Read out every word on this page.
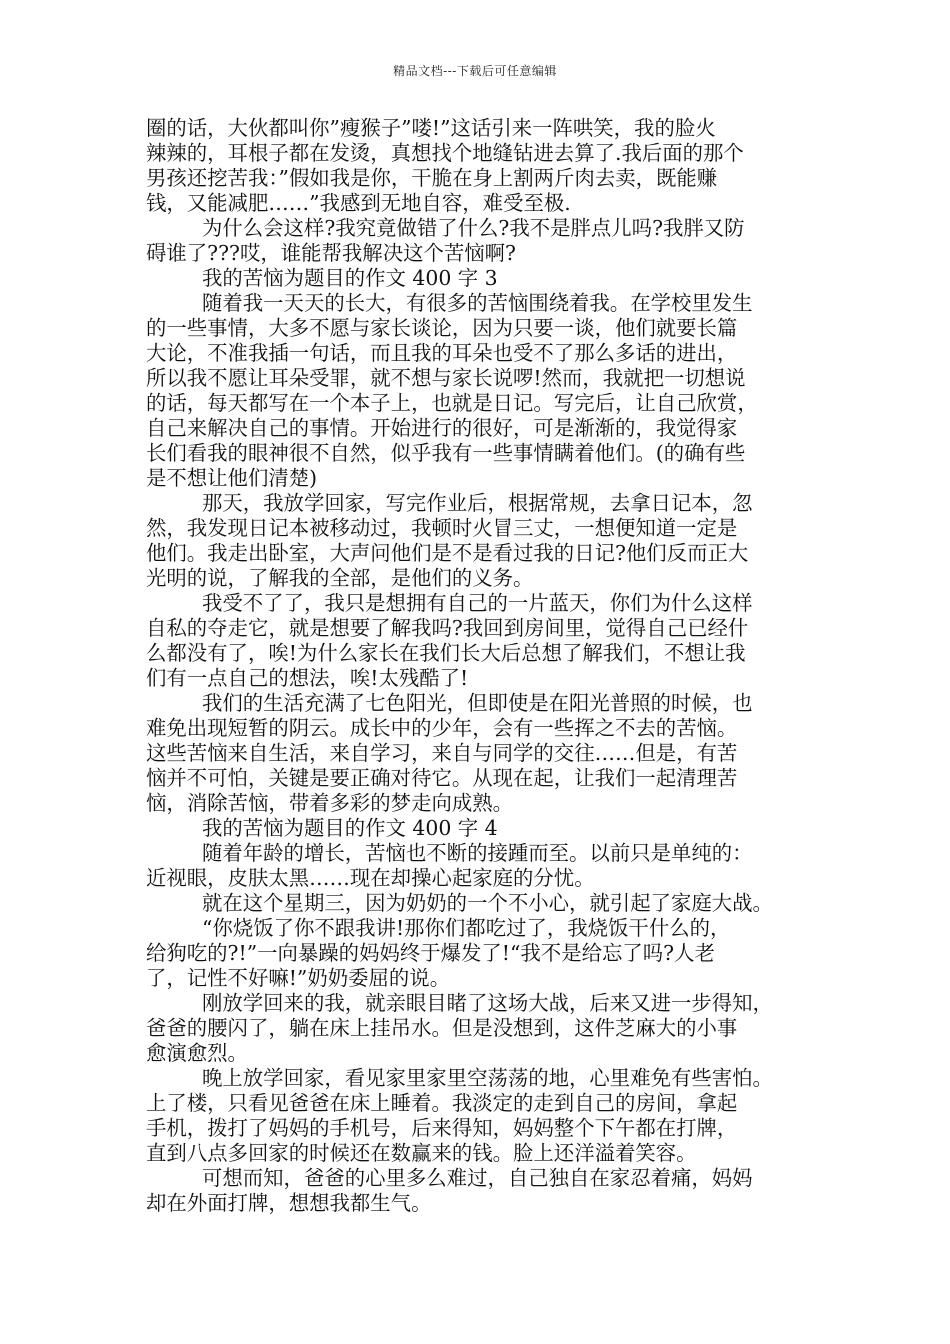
精品文档---下载后可任意编辑
圈的话，大伙都叫你”瘦猴子”喽!”这话引来一阵哄笑，我的脸火
辣辣的，耳根子都在发烫，真想找个地缝钻进去算了.我后面的那个
男孩还挖苦我：”假如我是你，干脆在身上割两斤肉去卖，既能赚
钱，又能减肥……”我感到无地自容，难受至极.
为什么会这样?我究竟做错了什么?我不是胖点儿吗?我胖又防
碍谁了???哎，谁能帮我解决这个苦恼啊?
我的苦恼为题目的作文 400 字 3
随着我一天天的长大，有很多的苦恼围绕着我。在学校里发生
的一些事情，大多不愿与家长谈论，因为只要一谈，他们就要长篇
大论，不准我插一句话，而且我的耳朵也受不了那么多话的进出，
所以我不愿让耳朵受罪，就不想与家长说啰!然而，我就把一切想说
的话，每天都写在一个本子上，也就是日记。写完后，让自己欣赏，
自己来解决自己的事情。开始进行的很好，可是渐渐的，我觉得家
长们看我的眼神很不自然，似乎我有一些事情瞒着他们。(的确有些
是不想让他们清楚)
那天，我放学回家，写完作业后，根据常规，去拿日记本，忽
然，我发现日记本被移动过，我顿时火冒三丈，一想便知道一定是
他们。我走出卧室，大声问他们是不是看过我的日记?他们反而正大
光明的说，了解我的全部，是他们的义务。
我受不了了，我只是想拥有自己的一片蓝天，你们为什么这样
自私的夺走它，就是想要了解我吗?我回到房间里，觉得自己已经什
么都没有了，唉!为什么家长在我们长大后总想了解我们，不想让我
们有一点自己的想法，唉!太残酷了!
我们的生活充满了七色阳光，但即使是在阳光普照的时候，也
难免出现短暂的阴云。成长中的少年，会有一些挥之不去的苦恼。
这些苦恼来自生活，来自学习，来自与同学的交往……但是，有苦
恼并不可怕，关键是要正确对待它。从现在起，让我们一起清理苦
恼，消除苦恼，带着多彩的梦走向成熟。
我的苦恼为题目的作文 400 字 4
随着年龄的增长，苦恼也不断的接踵而至。以前只是单纯的：
近视眼，皮肤太黑……现在却操心起家庭的分忧。
就在这个星期三，因为奶奶的一个不小心，就引起了家庭大战。
“你烧饭了你不跟我讲!那你们都吃过了，我烧饭干什么的，
给狗吃的?!”一向暴躁的妈妈终于爆发了!“我不是给忘了吗?人老
了，记性不好嘛!”奶奶委屈的说。
刚放学回来的我，就亲眼目睹了这场大战，后来又进一步得知，
爸爸的腰闪了，躺在床上挂吊水。但是没想到，这件芝麻大的小事
愈演愈烈。
晚上放学回家，看见家里家里空荡荡的地，心里难免有些害怕。
上了楼，只看见爸爸在床上睡着。我淡定的走到自己的房间，拿起
手机，拨打了妈妈的手机号，后来得知，妈妈整个下午都在打牌，
直到八点多回家的时候还在数赢来的钱。脸上还洋溢着笑容。
可想而知，爸爸的心里多么难过，自己独自在家忍着痛，妈妈
却在外面打牌，想想我都生气。
